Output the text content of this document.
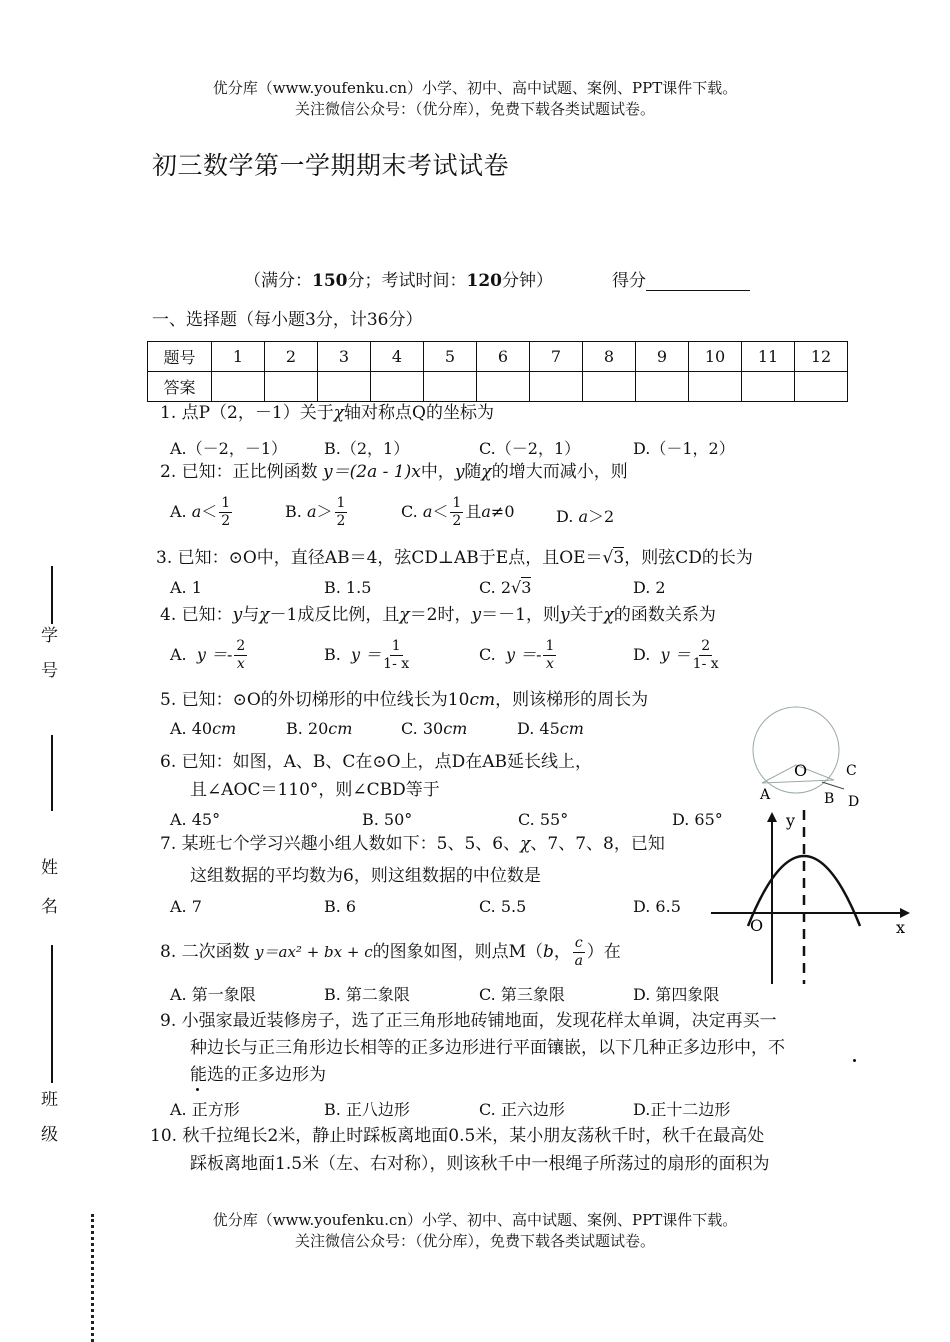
优分库（www.youfenku.cn）小学、初中、高中试题、案例、PPT课件下载。
关注微信公众号：（优分库），免费下载各类试题试卷。
初三数学第一学期期末考试试卷
（满分：150分；考试时间：120分钟）	得分
一、选择题（每小题3分，计36分）
题号	1	2	3	4	5	6	7	8	9	10	11	12
答案												
1. 点P（2，－1）关于χ轴对称点Q的坐标为
A.（－2，－1） B.（2，1）	C.（－2，1）	D.（－1，2）
2. 已知：正比例函数 y＝(2a - 1)x中，y随χ的增大而减小，则
A. $a< \frac{1}{2}$	B. $a> \frac{1}{2}$	C. $a< \frac{1}{2}$ 且a≠0	D. a＞2
3. 已知：⊙O中，直径AB＝4，弦CD⊥AB于E点，且OE＝√3，则弦CD的长为
A. 1	B. 1.5	C. 2√3	D. 2
4. 已知：y与χ－1成反比例，且χ＝2时，y＝－1，则y关于χ的函数关系为
A. $y =- \frac{2}{x}$	B. $y = \frac{1}{1- x}$	C. $y =- \frac{1}{x}$	D. $y = \frac{2}{1- x}$
5. 已知：⊙O的外切梯形的中位线长为10cm，则该梯形的周长为
A. 40cm	B. 20cm	C. 30cm	D. 45cm
6. 已知：如图，A、B、C在⊙O上，点D在AB延长线上，
且∠AOC＝110°，则∠CBD等于
A. 45°	B. 50°	C. 55°	D. 65°
7. 某班七个学习兴趣小组人数如下：5、5、6、χ、7、7、8，已知
这组数据的平均数为6，则这组数据的中位数是
A. 7	B. 6	C. 5.5	D. 6.5
8. 二次函数 y＝ax² + bx + c的图象如图，则点M（b， $\frac{c}{a}$ ）在
A. 第一象限	B. 第二象限	C. 第三象限	D. 第四象限
9. 小强家最近装修房子，选了正三角形地砖铺地面，发现花样太单调，决定再买一
种边长与正三角形边长相等的正多边形进行平面镶嵌，以下几种正多边形中，不
能选的正多边形为
A. 正方形	B. 正八边形	C. 正六边形	D.正十二边形
10. 秋千拉绳长2米，静止时踩板离地面0.5米，某小朋友荡秋千时，秋千在最高处
踩板离地面1.5米（左、右对称），则该秋千中一根绳子所荡过的扇形的面积为
O
A	B
C
D
y
x
O
学号
姓名
班级
优分库（www.youfenku.cn）小学、初中、高中试题、案例、PPT课件下载。
关注微信公众号：（优分库），免费下载各类试题试卷。
